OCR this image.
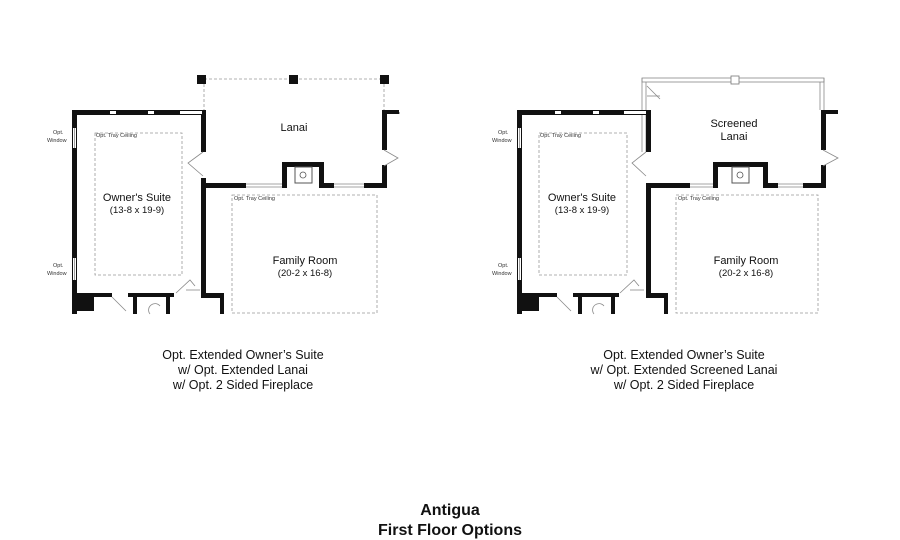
Lanai
Owner's Suite
(13-8 x 19-9)
Family Room
(20-2 x 16-8)
Opt. Tray Ceiling
Opt. Tray Ceiling
Opt.
Window
Opt.
Window
Screened
Lanai
Owner's Suite
(13-8 x 19-9)
Family Room
(20-2 x 16-8)
Opt. Tray Ceiling
Opt. Tray Ceiling
Opt.
Window
Opt.
Window
Opt. Extended Owner’s Suite
w/ Opt. Extended Lanai
w/ Opt. 2 Sided Fireplace
Opt. Extended Owner’s Suite
w/ Opt. Extended Screened Lanai
w/ Opt. 2 Sided Fireplace
Antigua
First Floor Options
